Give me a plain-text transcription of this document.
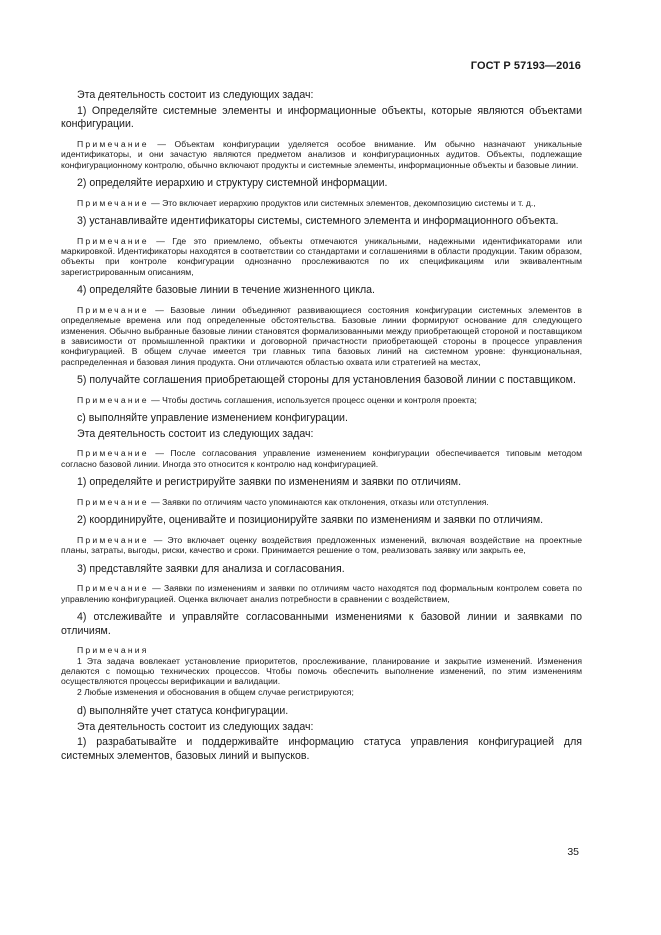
ГОСТ Р 57193—2016

Эта деятельность состоит из следующих задач:

1) Определяйте системные элементы и информационные объекты, которые являются объектами конфигурации.

Примечание — Объектам конфигурации уделяется особое внимание. Им обычно назначают уникальные идентификаторы, и они зачастую являются предметом анализов и конфигурационных аудитов. Объекты, подлежащие конфигурационному контролю, обычно включают продукты и системные элементы, информационные объекты и базовые линии.

2) определяйте иерархию и структуру системной информации.

Примечание — Это включает иерархию продуктов или системных элементов, декомпозицию системы и т. д.,

3) устанавливайте идентификаторы системы, системного элемента и информационного объекта.

Примечание — Где это приемлемо, объекты отмечаются уникальными, надежными идентификаторами или маркировкой. Идентификаторы находятся в соответствии со стандартами и соглашениями в области продукции. Таким образом, объекты при контроле конфигурации однозначно прослеживаются по их спецификациям или эквивалентным зарегистрированным описаниям,

4) определяйте базовые линии в течение жизненного цикла.

Примечание — Базовые линии объединяют развивающиеся состояния конфигурации системных элементов в определяемые времена или под определенные обстоятельства. Базовые линии формируют основание для следующего изменения. Обычно выбранные базовые линии становятся формализованными между приобретающей стороной и поставщиком в зависимости от промышленной практики и договорной причастности приобретающей стороны в процессе управления конфигурацией. В общем случае имеется три главных типа базовых линий на системном уровне: функциональная, распределенная и базовая линия продукта. Они отличаются областью охвата или стратегией на местах,

5) получайте соглашения приобретающей стороны для установления базовой линии с поставщиком.

Примечание — Чтобы достичь соглашения, используется процесс оценки и контроля проекта;

с) выполняйте управление изменением конфигурации.

Эта деятельность состоит из следующих задач:

Примечание — После согласования управление изменением конфигурации обеспечивается типовым методом согласно базовой линии. Иногда это относится к контролю над конфигурацией.

1) определяйте и регистрируйте заявки по изменениям и заявки по отличиям.

Примечание — Заявки по отличиям часто упоминаются как отклонения, отказы или отступления.

2) координируйте, оценивайте и позиционируйте заявки по изменениям и заявки по отличиям.

Примечание — Это включает оценку воздействия предложенных изменений, включая воздействие на проектные планы, затраты, выгоды, риски, качество и сроки. Принимается решение о том, реализовать заявку или закрыть ее,

3) представляйте заявки для анализа и согласования.

Примечание — Заявки по изменениям и заявки по отличиям часто находятся под формальным контролем совета по управлению конфигурацией. Оценка включает анализ потребности в сравнении с воздействием,

4) отслеживайте и управляйте согласованными изменениями к базовой линии и заявками по отличиям.

Примечания

1 Эта задача вовлекает установление приоритетов, прослеживание, планирование и закрытие изменений. Изменения делаются с помощью технических процессов. Чтобы помочь обеспечить выполнение изменений, по этим изменениям осуществляются процессы верификации и валидации.

2 Любые изменения и обоснования в общем случае регистрируются;

d) выполняйте учет статуса конфигурации.

Эта деятельность состоит из следующих задач:

1) разрабатывайте и поддерживайте информацию статуса управления конфигурацией для системных элементов, базовых линий и выпусков.

35
